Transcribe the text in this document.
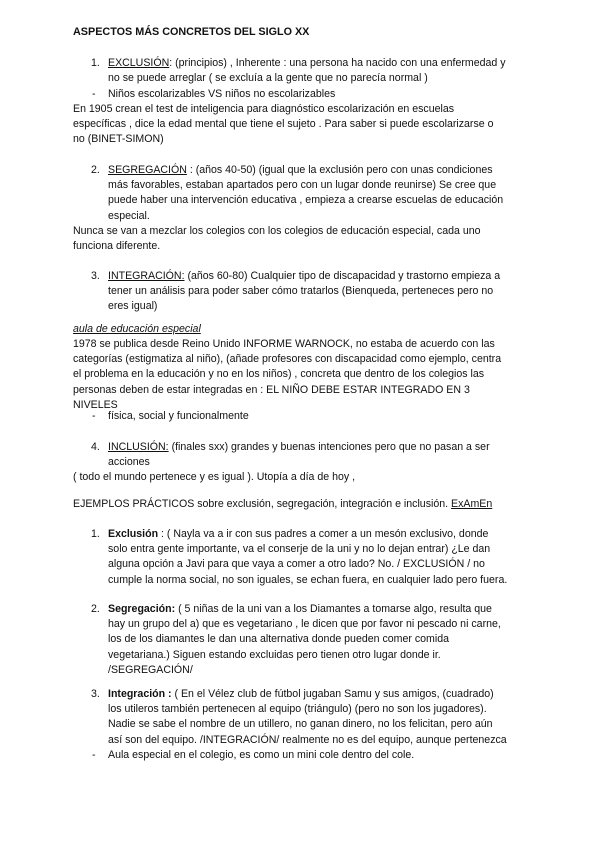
ASPECTOS MÁS CONCRETOS DEL SIGLO XX
1. EXCLUSIÓN: (principios) , Inherente : una persona ha nacido con una enfermedad y

no se puede arreglar ( se excluía a la gente que no parecía normal )

- Niños escolarizables VS niños no escolarizables

En 1905 crean el test de inteligencia para diagnóstico escolarización en escuelas

específicas , dice la edad mental que tiene el sujeto . Para saber si puede escolarizarse o

no (BINET-SIMON)

2. SEGREGACIÓN : (años 40-50) (igual que la exclusión pero con unas condiciones

más favorables, estaban apartados pero con un lugar donde reunirse) Se cree que

puede haber una intervención educativa , empieza a crearse escuelas de educación

especial.

Nunca se van a mezclar los colegios con los colegios de educación especial, cada uno

funciona diferente.

3. INTEGRACIÓN: (años 60-80) Cualquier tipo de discapacidad y trastorno empieza a

tener un análisis para poder saber cómo tratarlos (Bienqueda, perteneces pero no

eres igual)

aula de educación especial

1978 se publica desde Reino Unido INFORME WARNOCK, no estaba de acuerdo con las

categorías (estigmatiza al niño), (añade profesores con discapacidad como ejemplo, centra

el problema en la educación y no en los niños) , concreta que dentro de los colegios las

personas deben de estar integradas en : EL NIÑO DEBE ESTAR INTEGRADO EN 3

NIVELES

- física, social y funcionalmente

4. INCLUSIÓN: (finales sxx) grandes y buenas intenciones pero que no pasan a ser

acciones

( todo el mundo pertenece y es igual ). Utopía a día de hoy ,

EJEMPLOS PRÁCTICOS sobre exclusión, segregación, integración e inclusión. ExAmEn

1. Exclusión : ( Nayla va a ir con sus padres a comer a un mesón exclusivo, donde

solo entra gente importante, va el conserje de la uni y no lo dejan entrar) ¿Le dan

alguna opción a Javi para que vaya a comer a otro lado? No. / EXCLUSIÓN / no

cumple la norma social, no son iguales, se echan fuera, en cualquier lado pero fuera.

2. Segregación: ( 5 niñas de la uni van a los Diamantes a tomarse algo, resulta que

hay un grupo del a) que es vegetariano , le dicen que por favor ni pescado ni carne,

los de los diamantes le dan una alternativa donde pueden comer comida

vegetariana.) Siguen estando excluidas pero tienen otro lugar donde ir.

/SEGREGACIÓN/

3. Integración : ( En el Vélez club de fútbol jugaban Samu y sus amigos, (cuadrado)

los utileros también pertenecen al equipo (triángulo) (pero no son los jugadores).

Nadie se sabe el nombre de un utillero, no ganan dinero, no los felicitan, pero aún

así son del equipo. /INTEGRACIÓN/ realmente no es del equipo, aunque pertenezca

- Aula especial en el colegio, es como un mini cole dentro del cole.
